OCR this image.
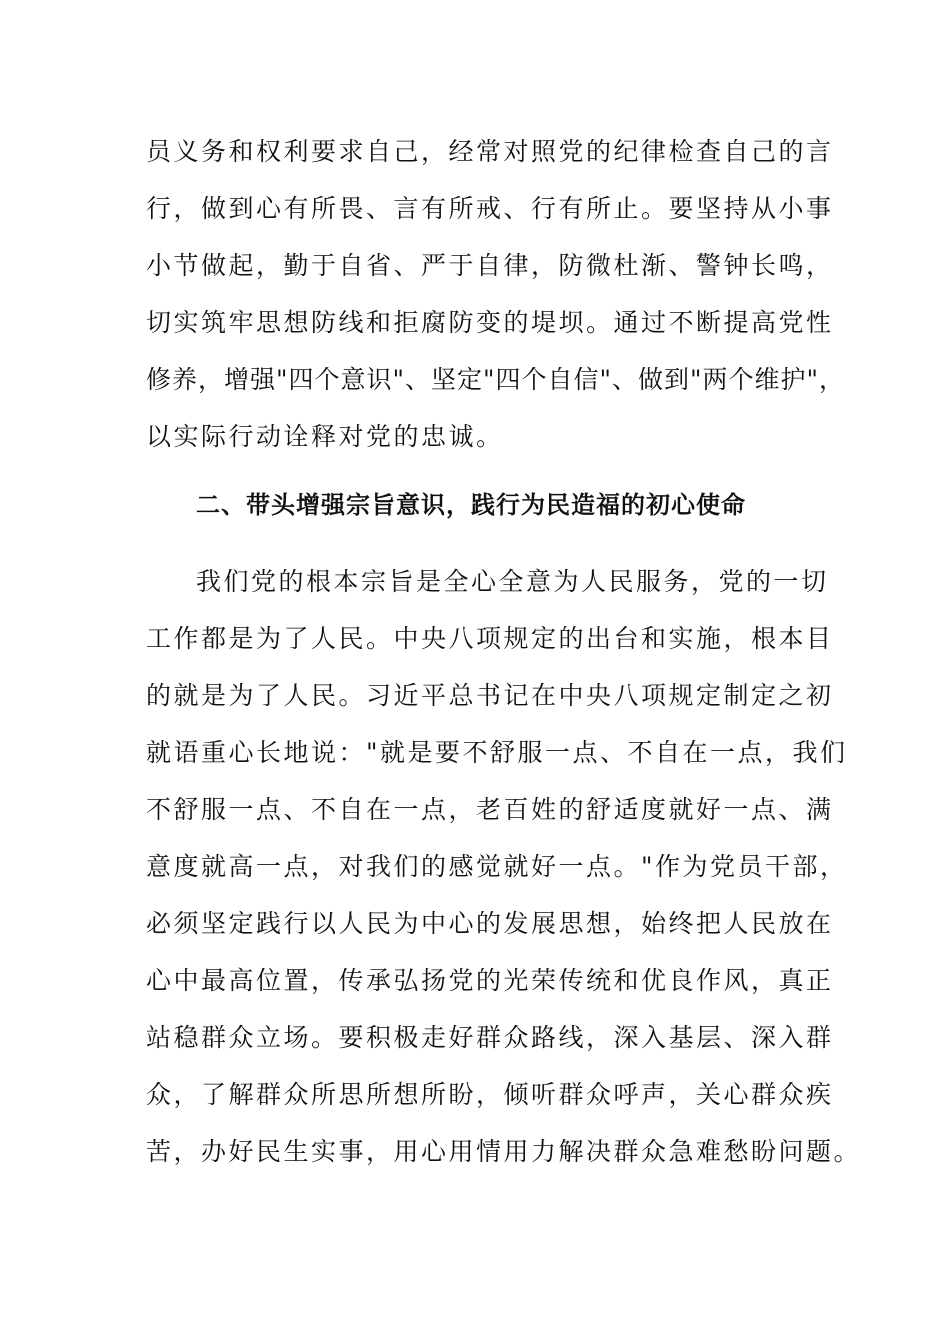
员义务和权利要求自己，经常对照党的纪律检查自己的言
行，做到心有所畏、言有所戒、行有所止。要坚持从小事
小节做起，勤于自省、严于自律，防微杜渐、警钟长鸣，
切实筑牢思想防线和拒腐防变的堤坝。通过不断提高党性
修养，增强"四个意识"、坚定"四个自信"、做到"两个维护"，
以实际行动诠释对党的忠诚。
二、带头增强宗旨意识，践行为民造福的初心使命
我们党的根本宗旨是全心全意为人民服务，党的一切
工作都是为了人民。中央八项规定的出台和实施，根本目
的就是为了人民。习近平总书记在中央八项规定制定之初
就语重心长地说："就是要不舒服一点、不自在一点，我们
不舒服一点、不自在一点，老百姓的舒适度就好一点、满
意度就高一点，对我们的感觉就好一点。"作为党员干部，
必须坚定践行以人民为中心的发展思想，始终把人民放在
心中最高位置，传承弘扬党的光荣传统和优良作风，真正
站稳群众立场。要积极走好群众路线，深入基层、深入群
众，了解群众所思所想所盼，倾听群众呼声，关心群众疾
苦，办好民生实事，用心用情用力解决群众急难愁盼问题。
